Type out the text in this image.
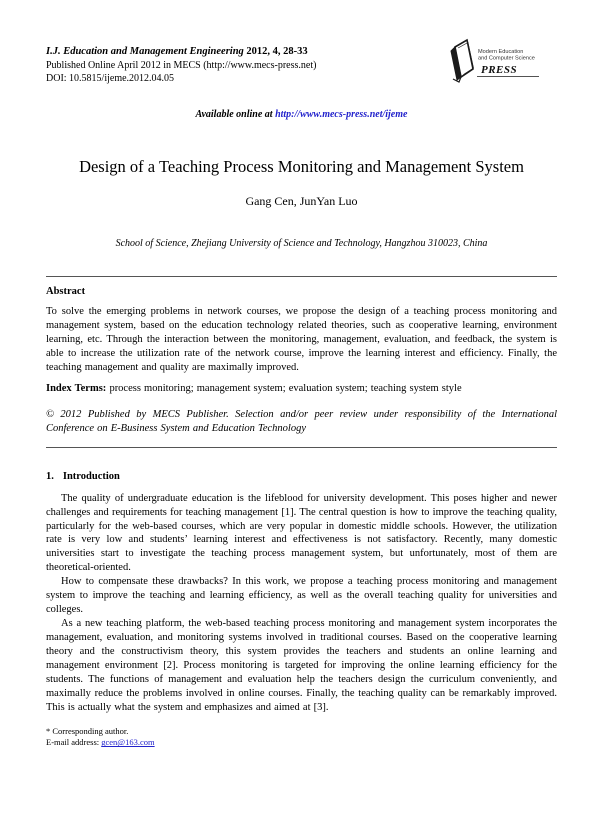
I.J. Education and Management Engineering 2012, 4, 28-33
Published Online April 2012 in MECS (http://www.mecs-press.net)
DOI: 10.5815/ijeme.2012.04.05
Modern Education
and Computer Science
PRESS
Available online at http://www.mecs-press.net/ijeme
Design of a Teaching Process Monitoring and Management System
Gang Cen, JunYan Luo
School of Science, Zhejiang University of Science and Technology, Hangzhou 310023, China
Abstract

To solve the emerging problems in network courses, we propose the design of a teaching process monitoring and management system, based on the education technology related theories, such as cooperative learning, environment learning, etc. Through the interaction between the monitoring, management, evaluation, and feedback, the system is able to increase the utilization rate of the network course, improve the learning interest and efficiency. Finally, the teaching management and quality are maximally improved.

Index Terms: process monitoring; management system; evaluation system; teaching system style

© 2012 Published by MECS Publisher. Selection and/or peer review under responsibility of the International Conference on E-Business System and Education Technology

1. Introduction

The quality of undergraduate education is the lifeblood for university development. This poses higher and newer challenges and requirements for teaching management [1]. The central question is how to improve the teaching quality, particularly for the web-based courses, which are very popular in domestic middle schools. However, the utilization rate is very low and students’ learning interest and effectiveness is not satisfactory. Recently, many domestic universities start to investigate the teaching process management system, but unfortunately, most of them are theoretical-oriented.

How to compensate these drawbacks? In this work, we propose a teaching process monitoring and management system to improve the teaching and learning efficiency, as well as the overall teaching quality for universities and colleges.

As a new teaching platform, the web-based teaching process monitoring and management system incorporates the management, evaluation, and monitoring systems involved in traditional courses. Based on the cooperative learning theory and the constructivism theory, this system provides the teachers and students an online learning and management environment [2]. Process monitoring is targeted for improving the online learning efficiency for the students. The functions of management and evaluation help the teachers design the curriculum conveniently, and maximally reduce the problems involved in online courses. Finally, the teaching quality can be remarkably improved. This is actually what the system and emphasizes and aimed at [3].

* Corresponding author.
E-mail address: gcen@163.com
